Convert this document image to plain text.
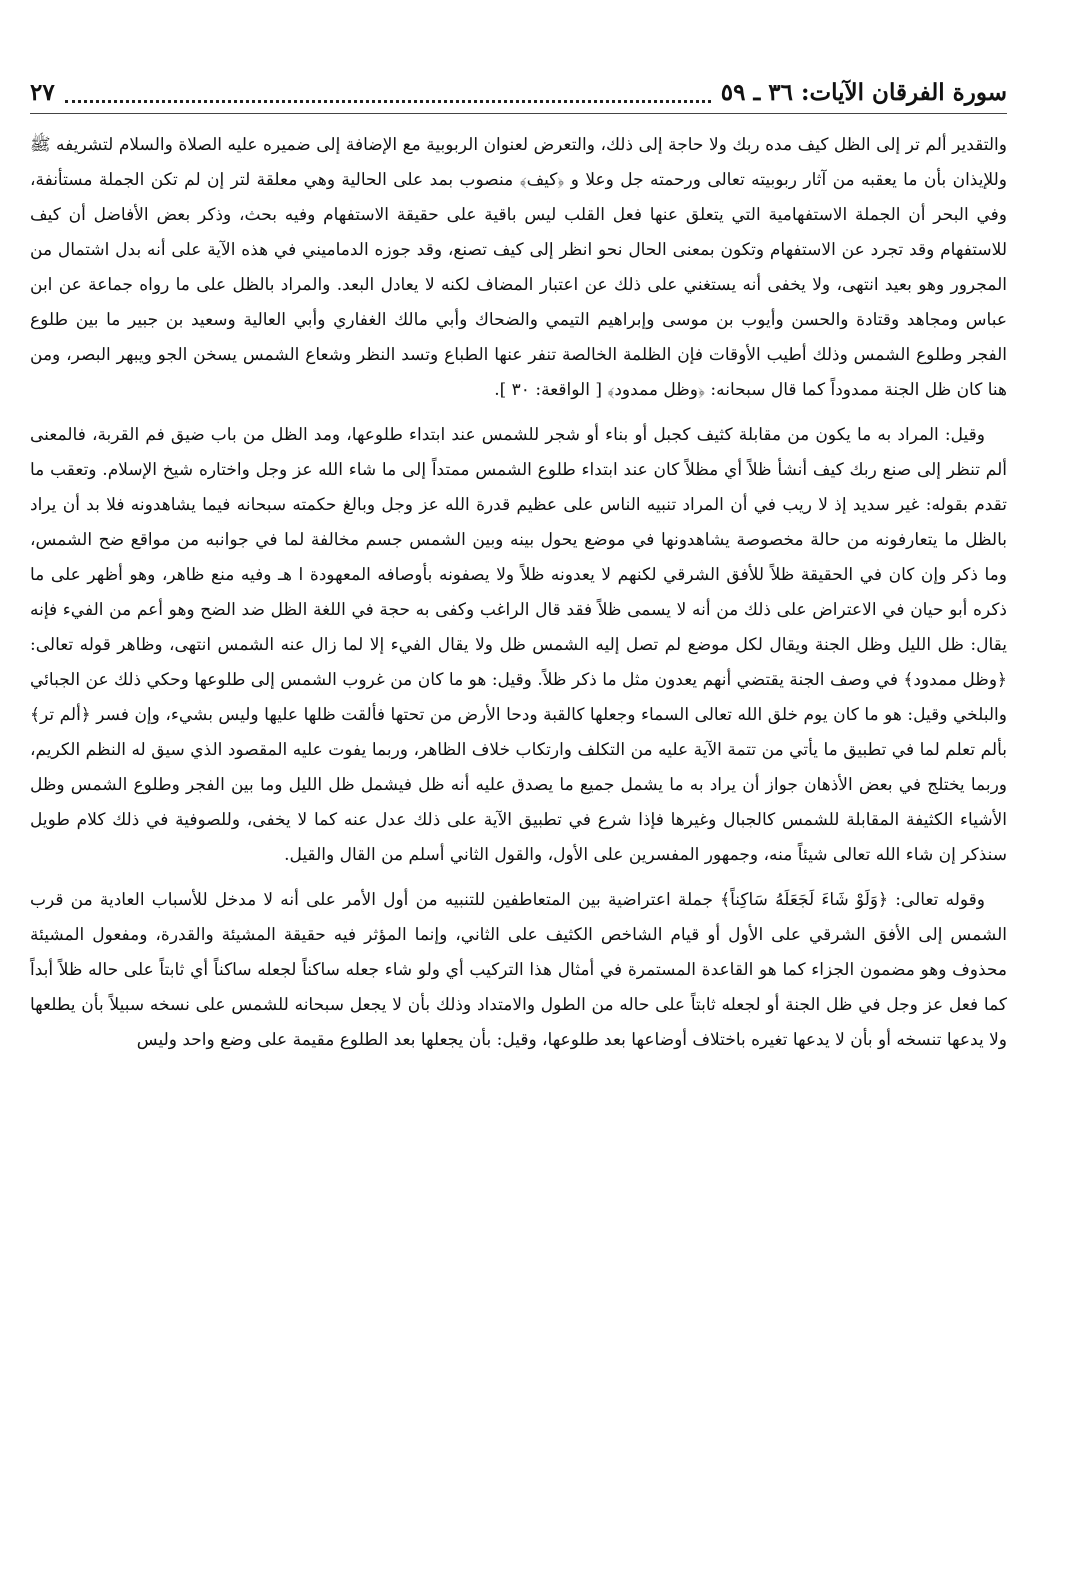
سورة الفرقان الآيات: ٣٦ ـ ٥٩
٢٧

والتقدير ألم تر إلى الظل كيف مده ربك ولا حاجة إلى ذلك، والتعرض لعنوان الربوبية مع الإضافة إلى ضميره عليه الصلاة والسلام لتشريفه ﷺ وللإيذان بأن ما يعقبه من آثار ربوبيته تعالى ورحمته جل وعلا و ﴿كيف﴾ منصوب بمد على الحالية وهي معلقة لتر إن لم تكن الجملة مستأنفة، وفي البحر أن الجملة الاستفهامية التي يتعلق عنها فعل القلب ليس باقية على حقيقة الاستفهام وفيه بحث، وذكر بعض الأفاضل أن كيف للاستفهام وقد تجرد عن الاستفهام وتكون بمعنى الحال نحو انظر إلى كيف تصنع، وقد جوزه الدماميني في هذه الآية على أنه بدل اشتمال من المجرور وهو بعيد انتهى، ولا يخفى أنه يستغني على ذلك عن اعتبار المضاف لكنه لا يعادل البعد. والمراد بالظل على ما رواه جماعة عن ابن عباس ومجاهد وقتادة والحسن وأيوب بن موسى وإبراهيم التيمي والضحاك وأبي مالك الغفاري وأبي العالية وسعيد بن جبير ما بين طلوع الفجر وطلوع الشمس وذلك أطيب الأوقات فإن الظلمة الخالصة تنفر عنها الطباع وتسد النظر وشعاع الشمس يسخن الجو ويبهر البصر، ومن هنا كان ظل الجنة ممدوداً كما قال سبحانه: ﴿وظل ممدود﴾ [ الواقعة: ٣٠ ].

وقيل: المراد به ما يكون من مقابلة كثيف كجبل أو بناء أو شجر للشمس عند ابتداء طلوعها، ومد الظل من باب ضيق فم القربة، فالمعنى ألم تنظر إلى صنع ربك كيف أنشأ ظلاً أي مظلاً كان عند ابتداء طلوع الشمس ممتداً إلى ما شاء الله عز وجل واختاره شيخ الإسلام. وتعقب ما تقدم بقوله: غير سديد إذ لا ريب في أن المراد تنبيه الناس على عظيم قدرة الله عز وجل وبالغ حكمته سبحانه فيما يشاهدونه فلا بد أن يراد بالظل ما يتعارفونه من حالة مخصوصة يشاهدونها في موضع يحول بينه وبين الشمس جسم مخالفة لما في جوانبه من مواقع ضح الشمس، وما ذكر وإن كان في الحقيقة ظلاً للأفق الشرقي لكنهم لا يعدونه ظلاً ولا يصفونه بأوصافه المعهودة ا هـ وفيه منع ظاهر، وهو أظهر على ما ذكره أبو حيان في الاعتراض على ذلك من أنه لا يسمى ظلاً فقد قال الراغب وكفى به حجة في اللغة الظل ضد الضح وهو أعم من الفيء فإنه يقال: ظل الليل وظل الجنة ويقال لكل موضع لم تصل إليه الشمس ظل ولا يقال الفيء إلا لما زال عنه الشمس انتهى، وظاهر قوله تعالى: ﴿وظل ممدود﴾ في وصف الجنة يقتضي أنهم يعدون مثل ما ذكر ظلاً. وقيل: هو ما كان من غروب الشمس إلى طلوعها وحكي ذلك عن الجبائي والبلخي وقيل: هو ما كان يوم خلق الله تعالى السماء وجعلها كالقبة ودحا الأرض من تحتها فألقت ظلها عليها وليس بشيء، وإن فسر ﴿ألم تر﴾ بألم تعلم لما في تطبيق ما يأتي من تتمة الآية عليه من التكلف وارتكاب خلاف الظاهر، وربما يفوت عليه المقصود الذي سيق له النظم الكريم، وربما يختلج في بعض الأذهان جواز أن يراد به ما يشمل جميع ما يصدق عليه أنه ظل فيشمل ظل الليل وما بين الفجر وطلوع الشمس وظل الأشياء الكثيفة المقابلة للشمس كالجبال وغيرها فإذا شرع في تطبيق الآية على ذلك عدل عنه كما لا يخفى، وللصوفية في ذلك كلام طويل سنذكر إن شاء الله تعالى شيئاً منه، وجمهور المفسرين على الأول، والقول الثاني أسلم من القال والقيل.

وقوله تعالى: ﴿وَلَوْ شَاءَ لَجَعَلَهُ سَاكِناً﴾ جملة اعتراضية بين المتعاطفين للتنبيه من أول الأمر على أنه لا مدخل للأسباب العادية من قرب الشمس إلى الأفق الشرقي على الأول أو قيام الشاخص الكثيف على الثاني، وإنما المؤثر فيه حقيقة المشيئة والقدرة، ومفعول المشيئة محذوف وهو مضمون الجزاء كما هو القاعدة المستمرة في أمثال هذا التركيب أي ولو شاء جعله ساكناً لجعله ساكناً أي ثابتاً على حاله ظلاً أبداً كما فعل عز وجل في ظل الجنة أو لجعله ثابتاً على حاله من الطول والامتداد وذلك بأن لا يجعل سبحانه للشمس على نسخه سبيلاً بأن يطلعها ولا يدعها تنسخه أو بأن لا يدعها تغيره باختلاف أوضاعها بعد طلوعها، وقيل: بأن يجعلها بعد الطلوع مقيمة على وضع واحد وليس
